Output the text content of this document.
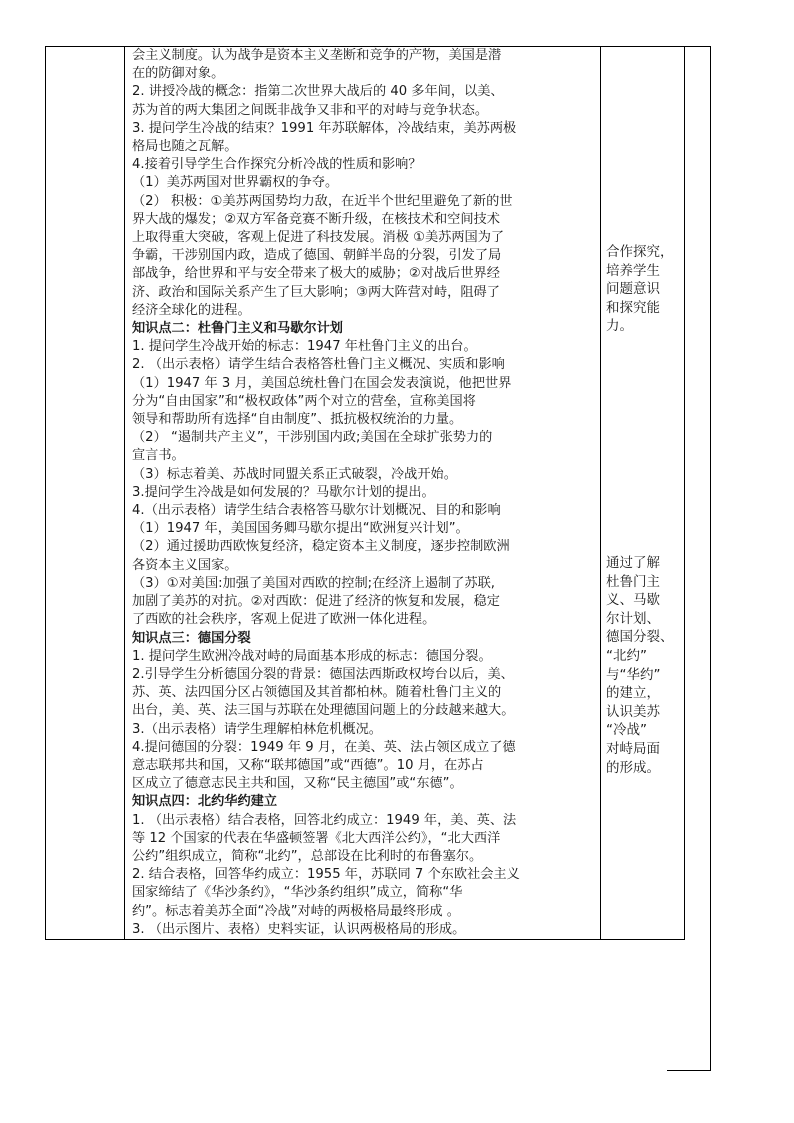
会主义制度。认为战争是资本主义垄断和竞争的产物，美国是潜
在的防御对象。
2. 讲授冷战的概念：指第二次世界大战后的 40 多年间，以美、
苏为首的两大集团之间既非战争又非和平的对峙与竞争状态。
3. 提问学生冷战的结束？1991 年苏联解体，冷战结束，美苏两极
格局也随之瓦解。
4.接着引导学生合作探究分析冷战的性质和影响？
（1）美苏两国对世界霸权的争夺。
（2） 积极：①美苏两国势均力敌，在近半个世纪里避免了新的世
界大战的爆发；②双方军备竞赛不断升级，在核技术和空间技术
上取得重大突破，客观上促进了科技发展。消极 ①美苏两国为了
争霸，干涉别国内政，造成了德国、朝鲜半岛的分裂，引发了局
部战争，给世界和平与安全带来了极大的威胁；②对战后世界经
济、政治和国际关系产生了巨大影响；③两大阵营对峙，阻碍了
经济全球化的进程。
知识点二：杜鲁门主义和马歇尔计划
1. 提问学生冷战开始的标志：1947 年杜鲁门主义的出台。
2. （出示表格）请学生结合表格答杜鲁门主义概况、实质和影响
（1）1947 年 3 月，美国总统杜鲁门在国会发表演说，他把世界
分为“自由国家”和“极权政体”两个对立的营垒，宣称美国将
领导和帮助所有选择“自由制度”、抵抗极权统治的力量。
（2） “遏制共产主义”，干涉别国内政;美国在全球扩张势力的
宣言书。
（3）标志着美、苏战时同盟关系正式破裂，冷战开始。
3.提问学生冷战是如何发展的？马歇尔计划的提出。
4.（出示表格）请学生结合表格答马歇尔计划概况、目的和影响
（1）1947 年，美国国务卿马歇尔提出“欧洲复兴计划”。
（2）通过援助西欧恢复经济，稳定资本主义制度，逐步控制欧洲
各资本主义国家。
（3）①对美国:加强了美国对西欧的控制;在经济上遏制了苏联,
加剧了美苏的对抗。②对西欧：促进了经济的恢复和发展，稳定
了西欧的社会秩序，客观上促进了欧洲一体化进程。
知识点三：德国分裂
1. 提问学生欧洲冷战对峙的局面基本形成的标志：德国分裂。
2.引导学生分析德国分裂的背景：德国法西斯政权垮台以后，美、
苏、英、法四国分区占领德国及其首都柏林。随着杜鲁门主义的
出台，美、英、法三国与苏联在处理德国问题上的分歧越来越大。
3.（出示表格）请学生理解柏林危机概况。
4.提问德国的分裂：1949 年 9 月，在美、英、法占领区成立了德
意志联邦共和国，又称“联邦德国”或“西德”。10 月，在苏占
区成立了德意志民主共和国，又称“民主德国”或“东德”。
知识点四：北约华约建立
1. （出示表格）结合表格，回答北约成立：1949 年，美、英、法
等 12 个国家的代表在华盛顿签署《北大西洋公约》，“北大西洋
公约”组织成立，简称“北约”，总部设在比利时的布鲁塞尔。
2. 结合表格，回答华约成立：1955 年，苏联同 7 个东欧社会主义
国家缔结了《华沙条约》，“华沙条约组织”成立，简称“华
约”。标志着美苏全面“冷战”对峙的两极格局最终形成 。
3. （出示图片、表格）史料实证，认识两极格局的形成。

合作探究，
培养学生
问题意识
和探究能
力。
通过了解
杜鲁门主
义、马歇
尔计划、
德国分裂、
“北约”
与“华约”
的建立，
认识美苏
“冷战”
对峙局面
的形成。
